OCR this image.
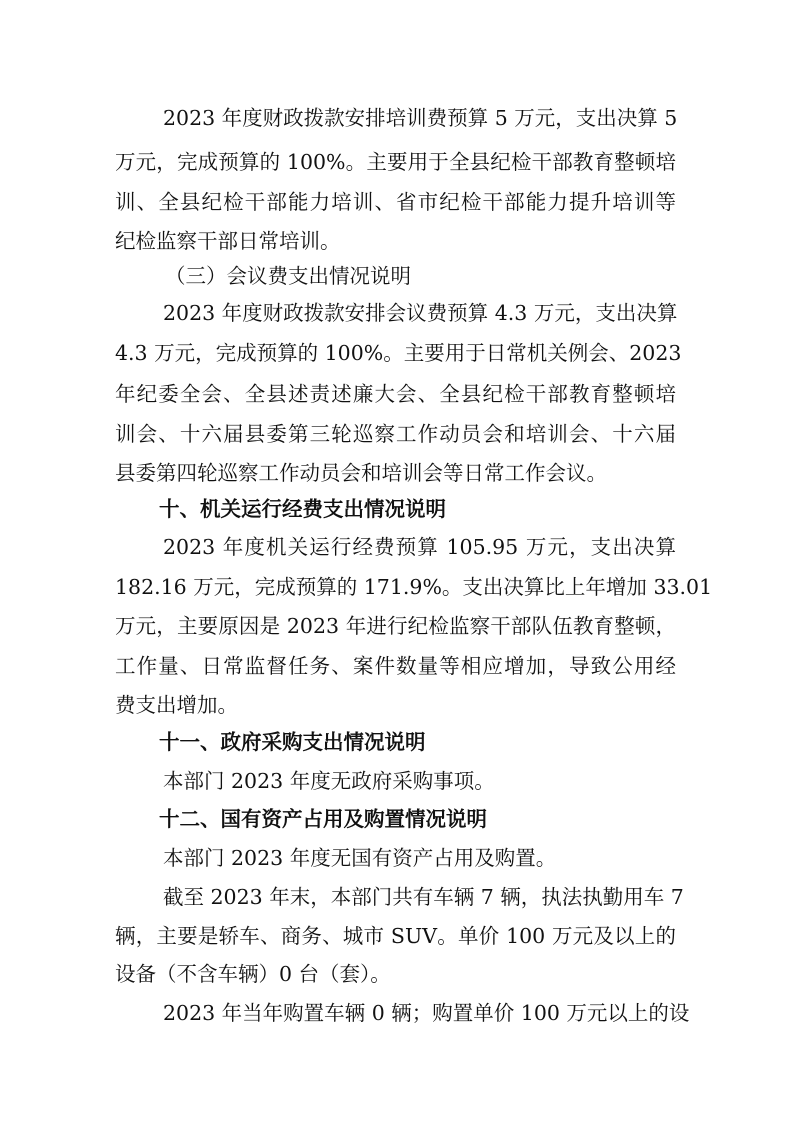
2023 年度财政拨款安排培训费预算 5 万元，支出决算 5

万元，完成预算的 100%。主要用于全县纪检干部教育整顿培

训、全县纪检干部能力培训、省市纪检干部能力提升培训等

纪检监察干部日常培训。

（三）会议费支出情况说明

2023 年度财政拨款安排会议费预算 4.3 万元，支出决算

4.3 万元，完成预算的 100%。主要用于日常机关例会、2023

年纪委全会、全县述责述廉大会、全县纪检干部教育整顿培

训会、十六届县委第三轮巡察工作动员会和培训会、十六届

县委第四轮巡察工作动员会和培训会等日常工作会议。

十、机关运行经费支出情况说明

2023 年度机关运行经费预算 105.95 万元，支出决算

182.16 万元，完成预算的 171.9%。支出决算比上年增加 33.01

万元，主要原因是 2023 年进行纪检监察干部队伍教育整顿，

工作量、日常监督任务、案件数量等相应增加，导致公用经

费支出增加。

十一、政府采购支出情况说明

本部门 2023 年度无政府采购事项。

十二、国有资产占用及购置情况说明

本部门 2023 年度无国有资产占用及购置。

截至 2023 年末，本部门共有车辆 7 辆，执法执勤用车 7

辆，主要是轿车、商务、城市 SUV。单价 100 万元及以上的

设备（不含车辆）0 台（套）。

2023 年当年购置车辆 0 辆；购置单价 100 万元以上的设
